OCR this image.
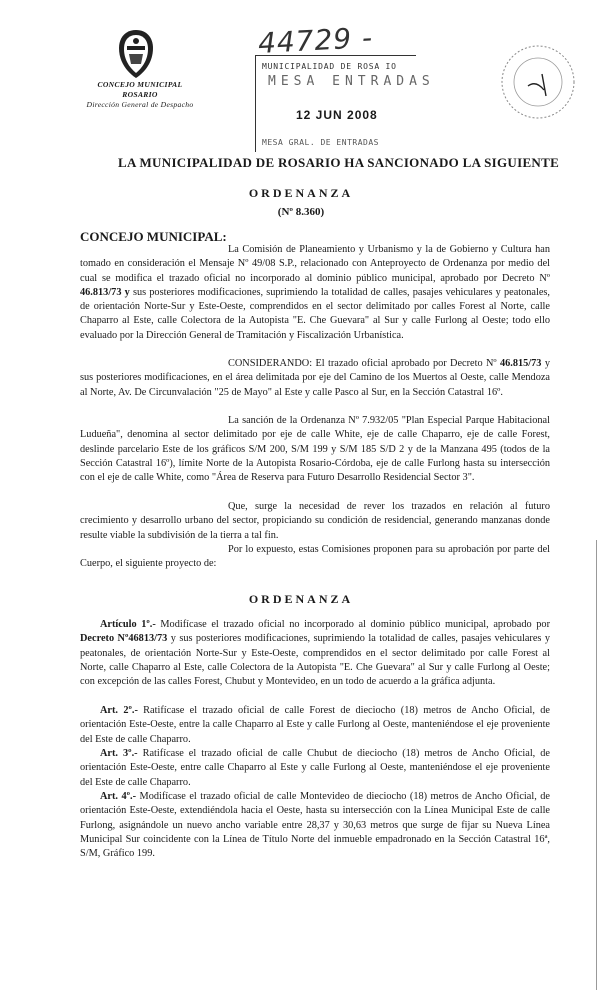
CONCEJO MUNICIPAL
ROSARIO
Dirección General de Despacho
44729 -
MUNICIPALIDAD DE ROSA IO
MESA ENTRADAS
12 JUN 2008
MESA GRAL. DE ENTRADAS
LA MUNICIPALIDAD DE ROSARIO HA SANCIONADO LA SIGUIENTE
ORDENANZA
(Nº 8.360)
CONCEJO MUNICIPAL:
La Comisión de Planeamiento y Urbanismo y la de Gobierno y Cultura han tomado en consideración el Mensaje Nº 49/08 S.P., relacionado con Anteproyecto de Ordenanza por medio del cual se modifica el trazado oficial no incorporado al dominio público municipal, aprobado por Decreto Nº 46.813/73 y sus posteriores modificaciones, suprimiendo la totalidad de calles, pasajes vehiculares y peatonales, de orientación Norte-Sur y Este-Oeste, comprendidos en el sector delimitado por calles Forest al Norte, calle Chaparro al Este, calle Colectora de la Autopista "E. Che Guevara" al Sur y calle Furlong al Oeste; todo ello evaluado por la Dirección General de Tramitación y Fiscalización Urbanística.
CONSIDERANDO: El trazado oficial aprobado por Decreto Nº 46.815/73 y sus posteriores modificaciones, en el área delimitada por eje del Camino de los Muertos al Oeste, calle Mendoza al Norte, Av. De Circunvalación "25 de Mayo" al Este y calle Pasco al Sur, en la Sección Catastral 16º.
La sanción de la Ordenanza Nº 7.932/05 "Plan Especial Parque Habitacional Ludueña", denomina al sector delimitado por eje de calle White, eje de calle Chaparro, eje de calle Forest, deslinde parcelario Este de los gráficos S/M 200, S/M 199 y S/M 185 S/D 2 y de la Manzana 495 (todos de la Sección Catastral 16º), límite Norte de la Autopista Rosario-Córdoba, eje de calle Furlong hasta su intersección con el eje de calle White, como "Área de Reserva para Futuro Desarrollo Residencial Sector 3".
Que, surge la necesidad de rever los trazados en relación al futuro crecimiento y desarrollo urbano del sector, propiciando su condición de residencial, generando manzanas donde resulte viable la subdivisión de la tierra a tal fin.
Por lo expuesto, estas Comisiones proponen para su aprobación por parte del Cuerpo, el siguiente proyecto de:
ORDENANZA
Artículo 1º.- Modifícase el trazado oficial no incorporado al dominio público municipal, aprobado por Decreto Nº46813/73 y sus posteriores modificaciones, suprimiendo la totalidad de calles, pasajes vehiculares y peatonales, de orientación Norte-Sur y Este-Oeste, comprendidos en el sector delimitado por calle Forest al Norte, calle Chaparro al Este, calle Colectora de la Autopista "E. Che Guevara" al Sur y calle Furlong al Oeste; con excepción de las calles Forest, Chubut y Montevideo, en un todo de acuerdo a la gráfica adjunta.
Art. 2º.- Ratifícase el trazado oficial de calle Forest de dieciocho (18) metros de Ancho Oficial, de orientación Este-Oeste, entre la calle Chaparro al Este y calle Furlong al Oeste, manteniéndose el eje proveniente del Este de calle Chaparro.
Art. 3º.- Ratifícase el trazado oficial de calle Chubut de dieciocho (18) metros de Ancho Oficial, de orientación Este-Oeste, entre calle Chaparro al Este y calle Furlong al Oeste, manteniéndose el eje proveniente del Este de calle Chaparro.
Art. 4º.- Modifícase el trazado oficial de calle Montevideo de dieciocho (18) metros de Ancho Oficial, de orientación Este-Oeste, extendiéndola hacia el Oeste, hasta su intersección con la Línea Municipal Este de calle Furlong, asignándole un nuevo ancho variable entre 28,37 y 30,63 metros que surge de fijar su Nueva Línea Municipal Sur coincidente con la Línea de Título Norte del inmueble empadronado en la Sección Catastral 16ª, S/M, Gráfico 199.
